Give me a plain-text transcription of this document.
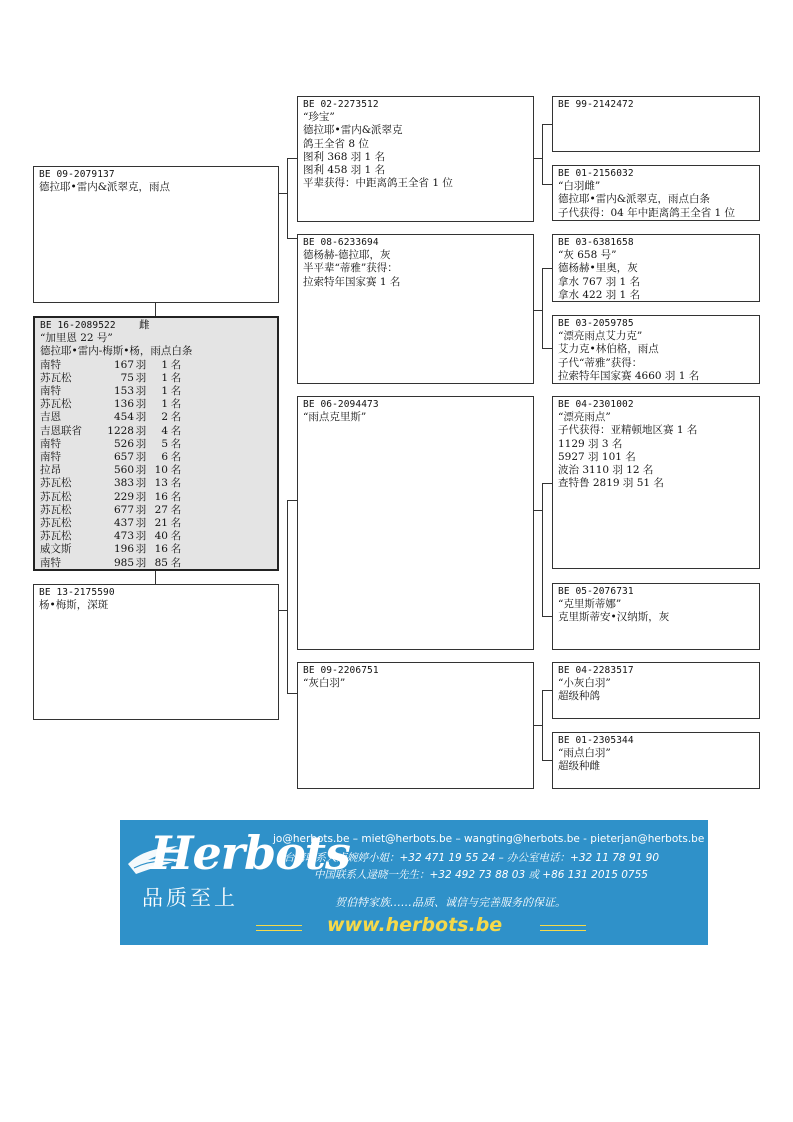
BE 09-2079137
德拉耶•雷内&派翠克，雨点
BE 13-2175590
杨•梅斯，深斑
BE 16-2089522 雌
“加里恩 22 号”
德拉耶•雷内-梅斯•杨，雨点白条
南特	167 羽	1 名
苏瓦松	75 羽	1 名
南特	153 羽	1 名
苏瓦松	136 羽	1 名
吉恩	454 羽	2 名
吉恩联省	1228 羽	4 名
南特	526 羽	5 名
南特	657 羽	6 名
拉昂	560 羽 10 名
苏瓦松	383 羽 13 名
苏瓦松	229 羽 16 名
苏瓦松	677 羽 27 名
苏瓦松	437 羽 21 名
苏瓦松	473 羽 40 名
威文斯	196 羽 16 名
南特	985 羽 85 名
BE 02-2273512
“珍宝”
德拉耶•雷内&派翠克
鸽王全省 8 位
图利 368 羽 1 名
图利 458 羽 1 名
平辈获得：中距离鸽王全省 1 位
BE 08-6233694
德杨赫-德拉耶，灰
半平辈“蒂雅”获得：
拉索特年国家赛 1 名
BE 06-2094473
“雨点克里斯”
BE 09-2206751
“灰白羽”
BE 99-2142472
BE 01-2156032
“白羽雌”
德拉耶•雷内&派翠克，雨点白条
子代获得：04 年中距离鸽王全省 1 位
BE 03-6381658
“灰 658 号”
德杨赫•里奥，灰
拿水 767 羽 1 名
拿水 422 羽 1 名
BE 03-2059785
“漂亮雨点艾力克”
艾力克•林伯格，雨点
子代“蒂雅”获得：
拉索特年国家赛 4660 羽 1 名
BE 04-2301002
“漂亮雨点”
子代获得：亚精顿地区赛 1 名
1129 羽 3 名
5927 羽 101 名
波治 3110 羽 12 名
查特鲁 2819 羽 51 名
BE 05-2076731
“克里斯蒂娜”
克里斯蒂安•汉纳斯，灰
BE 04-2283517
“小灰白羽”
超级种鸽
BE 01-2305344
“雨点白羽”
超级种雌
Herbots
品质至上
jo@herbots.be – miet@herbots.be – wangting@herbots.be - pieterjan@herbots.be
台湾联系人卢婉婷小姐：+32 471 19 55 24 – 办公室电话：+32 11 78 91 90
中国联系人逯晓一先生：+32 492 73 88 03 或 +86 131 2015 0755
贺伯特家族……品质、诚信与完善服务的保证。
www.herbots.be
